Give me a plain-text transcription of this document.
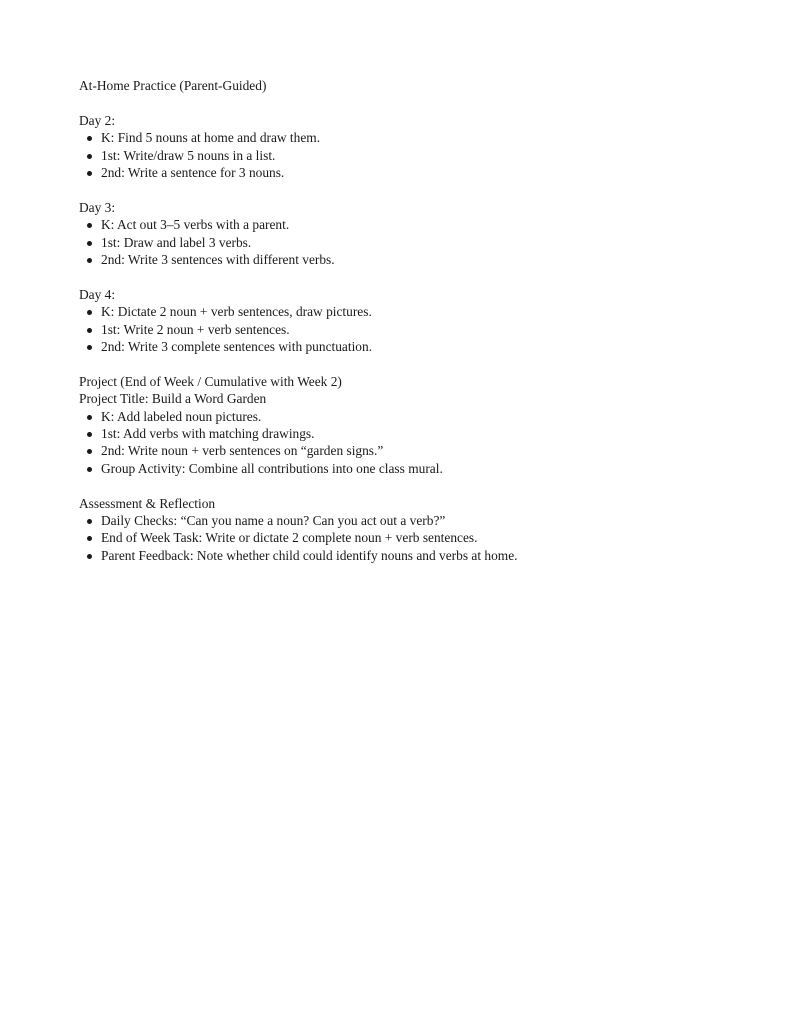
At-Home Practice (Parent-Guided)
Day 2:
K: Find 5 nouns at home and draw them.
1st: Write/draw 5 nouns in a list.
2nd: Write a sentence for 3 nouns.
Day 3:
K: Act out 3–5 verbs with a parent.
1st: Draw and label 3 verbs.
2nd: Write 3 sentences with different verbs.
Day 4:
K: Dictate 2 noun + verb sentences, draw pictures.
1st: Write 2 noun + verb sentences.
2nd: Write 3 complete sentences with punctuation.
Project (End of Week / Cumulative with Week 2)
Project Title: Build a Word Garden
K: Add labeled noun pictures.
1st: Add verbs with matching drawings.
2nd: Write noun + verb sentences on “garden signs.”
Group Activity: Combine all contributions into one class mural.
Assessment & Reflection
Daily Checks: “Can you name a noun? Can you act out a verb?”
End of Week Task: Write or dictate 2 complete noun + verb sentences.
Parent Feedback: Note whether child could identify nouns and verbs at home.
